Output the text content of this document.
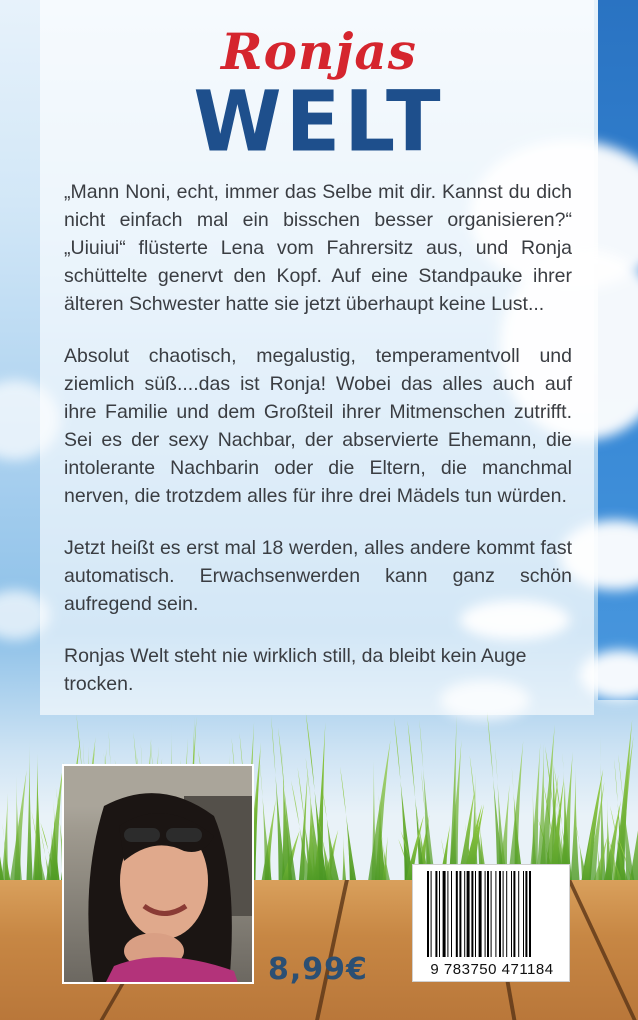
Ronjas
WELT

„Mann Noni, echt, immer das Selbe mit dir. Kannst du dich nicht einfach mal ein bisschen besser organisieren?“ „Uiuiui“ flüsterte Lena vom Fahrersitz aus, und Ronja schüttelte genervt den Kopf. Auf eine Standpauke ihrer älteren Schwester hatte sie jetzt überhaupt keine Lust...

Absolut chaotisch, megalustig, temperamentvoll und ziemlich süß....das ist Ronja! Wobei das alles auch auf ihre Familie und dem Großteil ihrer Mitmenschen zutrifft. Sei es der sexy Nachbar, der abservierte Ehemann, die intolerante Nachbarin oder die Eltern, die manchmal nerven, die trotzdem alles für ihre drei Mädels tun würden.

Jetzt heißt es erst mal 18 werden, alles andere kommt fast automatisch. Erwachsenwerden kann ganz schön aufregend sein.

Ronjas Welt steht nie wirklich still, da bleibt kein Auge trocken.

8,99€	9 783750 471184
